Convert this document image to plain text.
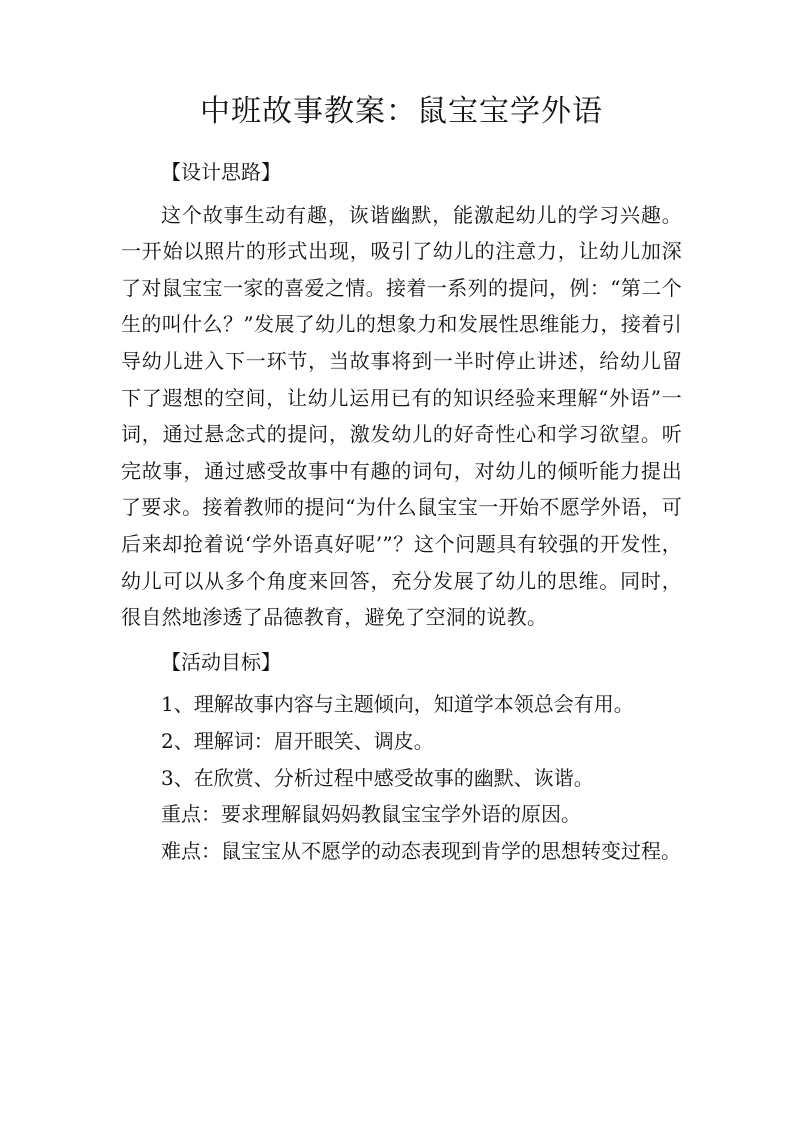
中班故事教案：鼠宝宝学外语

【设计思路】

这个故事生动有趣，诙谐幽默，能激起幼儿的学习兴趣。一开始以照片的形式出现，吸引了幼儿的注意力，让幼儿加深了对鼠宝宝一家的喜爱之情。接着一系列的提问，例：“第二个生的叫什么？”发展了幼儿的想象力和发展性思维能力，接着引导幼儿进入下一环节，当故事将到一半时停止讲述，给幼儿留下了遐想的空间，让幼儿运用已有的知识经验来理解“外语”一词，通过悬念式的提问，激发幼儿的好奇性心和学习欲望。听完故事，通过感受故事中有趣的词句，对幼儿的倾听能力提出了要求。接着教师的提问“为什么鼠宝宝一开始不愿学外语，可后来却抢着说‘学外语真好呢’”？这个问题具有较强的开发性，幼儿可以从多个角度来回答，充分发展了幼儿的思维。同时，很自然地渗透了品德教育，避免了空洞的说教。

【活动目标】

1、理解故事内容与主题倾向，知道学本领总会有用。

2、理解词：眉开眼笑、调皮。

3、在欣赏、分析过程中感受故事的幽默、诙谐。

重点：要求理解鼠妈妈教鼠宝宝学外语的原因。

难点：鼠宝宝从不愿学的动态表现到肯学的思想转变过程。
